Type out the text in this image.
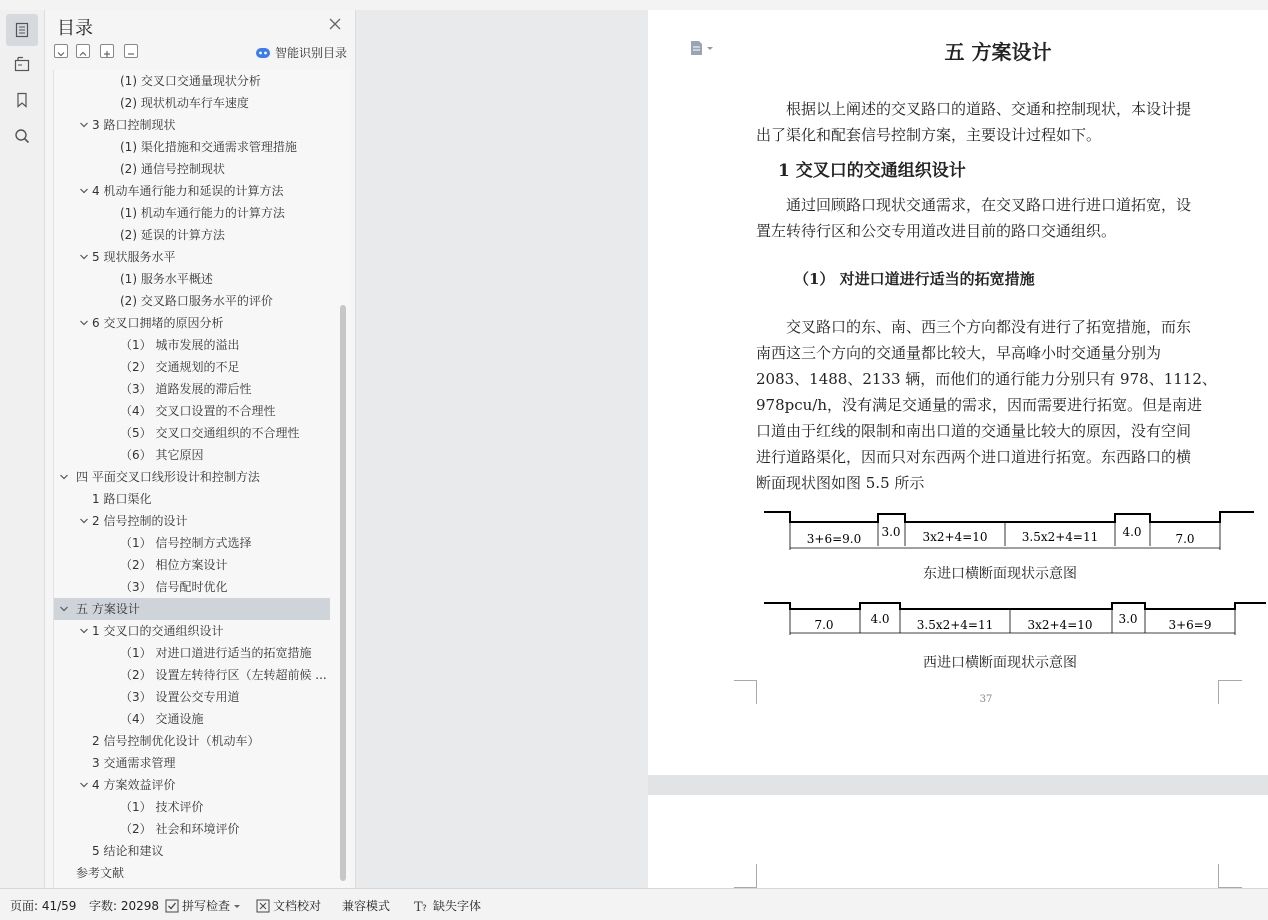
目录
智能识别目录
(1) 交叉口交通量现状分析
(2) 现状机动车行车速度
3 路口控制现状
(1) 渠化措施和交通需求管理措施
(2) 通信号控制现状
4 机动车通行能力和延误的计算方法
(1) 机动车通行能力的计算方法
(2) 延误的计算方法
5 现状服务水平
(1) 服务水平概述
(2) 交叉路口服务水平的评价
6 交叉口拥堵的原因分析
（1） 城市发展的溢出
（2） 交通规划的不足
（3） 道路发展的滞后性
（4） 交叉口设置的不合理性
（5） 交叉口交通组织的不合理性
（6） 其它原因
四 平面交叉口线形设计和控制方法
1 路口渠化
2 信号控制的设计
（1） 信号控制方式选择
（2） 相位方案设计
（3） 信号配时优化
五 方案设计
1 交叉口的交通组织设计
（1） 对进口道进行适当的拓宽措施
（2） 设置左转待行区（左转超前候 ...
（3） 设置公交专用道
（4） 交通设施
2 信号控制优化设计（机动车）
3 交通需求管理
4 方案效益评价
（1） 技术评价
（2） 社会和环境评价
5 结论和建议
参考文献
五 方案设计
根据以上阐述的交叉路口的道路、交通和控制现状，本设计提
出了渠化和配套信号控制方案，主要设计过程如下。
1 交叉口的交通组织设计
通过回顾路口现状交通需求，在交叉路口进行进口道拓宽，设
置左转待行区和公交专用道改进目前的路口交通组织。
（1） 对进口道进行适当的拓宽措施
交叉路口的东、南、西三个方向都没有进行了拓宽措施，而东
南西这三个方向的交通量都比较大，早高峰小时交通量分别为
2083、1488、2133 辆，而他们的通行能力分别只有 978、1112、
978pcu/h，没有满足交通量的需求，因而需要进行拓宽。但是南进
口道由于红线的限制和南出口道的交通量比较大的原因，没有空间
进行道路渠化，因而只对东西两个进口道进行拓宽。东西路口的横
断面现状图如图 5.5 所示
3+6=9.0 3.0 3x2+4=10	3.5x2+4=11 4.0	7.0
东进口横断面现状示意图
7.0	4.0 3.5x2+4=11	3x2+4=10 3.0	3+6=9
西进口横断面现状示意图
37
页面: 41/59 字数: 20298 拼写检查	文档校对 兼容模式 T ? 缺失字体
